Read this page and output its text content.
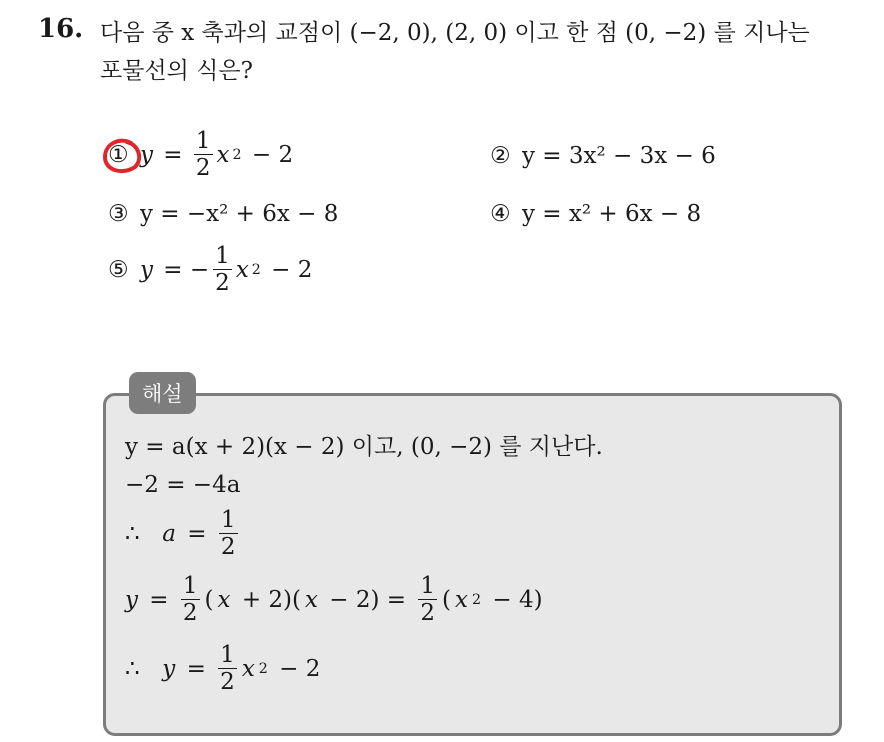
16. 다음 중 x 축과의 교점이 (−2, 0), (2, 0) 이고 한 점 (0, −2) 를 지나는
포물선의 식은?
① $y = \frac{1}{2}$ x 2 − 2	② y = 3x² − 3x − 6
③ y = −x² + 6x − 8	④ y = x² + 6x − 8
⑤ y = − $\frac{1}{2}$ x 2 − 2
해설
y = a(x + 2)(x − 2) 이고, (0, −2) 를 지난다.
−2 = −4a
∴
$a = \frac{1}{2}$
$y = \frac{1}{2}$ ( x + 2)( $x - 2) = \frac{1}{2}$ ( x 2 − 4)
∴
$y = \frac{1}{2}$ x 2 − 2
